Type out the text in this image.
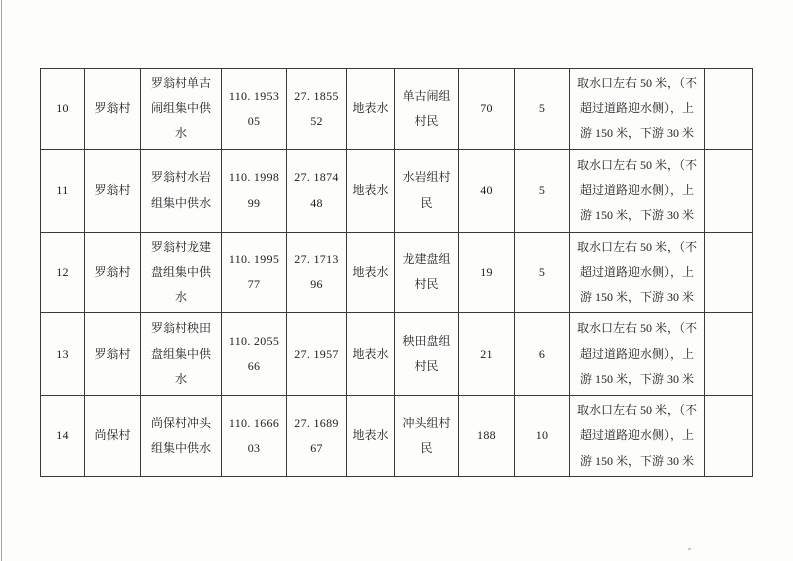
10	罗翁村	罗翁村单古闹组集中供水	110. 195305	27. 185552	地表水	单古闹组村民	70	5	取水口左右 50 米，（不超过道路迎水侧），上游 150 米，下游 30 米	
11	罗翁村	罗翁村水岩组集中供水	110. 199899	27. 187448	地表水	水岩组村民	40	5	取水口左右 50 米，（不超过道路迎水侧），上游 150 米，下游 30 米	
12	罗翁村	罗翁村龙建盘组集中供水	110. 199577	27. 171396	地表水	龙建盘组村民	19	5	取水口左右 50 米，（不超过道路迎水侧），上游 150 米，下游 30 米	
13	罗翁村	罗翁村秧田盘组集中供水	110. 205566	27. 1957	地表水	秧田盘组村民	21	6	取水口左右 50 米，（不超过道路迎水侧），上游 150 米，下游 30 米	
14	尚保村	尚保村冲头组集中供水	110. 166603	27. 168967	地表水	冲头组村民	188	10	取水口左右 50 米，（不超过道路迎水侧），上游 150 米，下游 30 米	
